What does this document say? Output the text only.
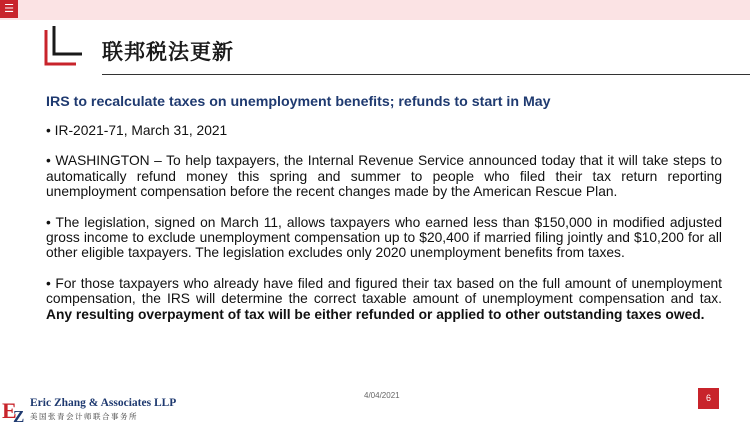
☰
联邦税法更新

IRS to recalculate taxes on unemployment benefits; refunds to start in May

• IR-2021-71, March 31, 2021

• WASHINGTON – To help taxpayers, the Internal Revenue Service announced today that it will take steps to automatically refund money this spring and summer to people who filed their tax return reporting unemployment compensation before the recent changes made by the American Rescue Plan.

• The legislation, signed on March 11, allows taxpayers who earned less than $150,000 in modified adjusted gross income to exclude unemployment compensation up to $20,400 if married filing jointly and $10,200 for all other eligible taxpayers. The legislation excludes only 2020 unemployment benefits from taxes.

• For those taxpayers who already have filed and figured their tax based on the full amount of unemployment compensation, the IRS will determine the correct taxable amount of unemployment compensation and tax. Any resulting overpayment of tax will be either refunded or applied to other outstanding taxes owed.

4/04/2021	6
E
Z
Eric Zhang & Associates LLP
美国张青会计师联合事务所
